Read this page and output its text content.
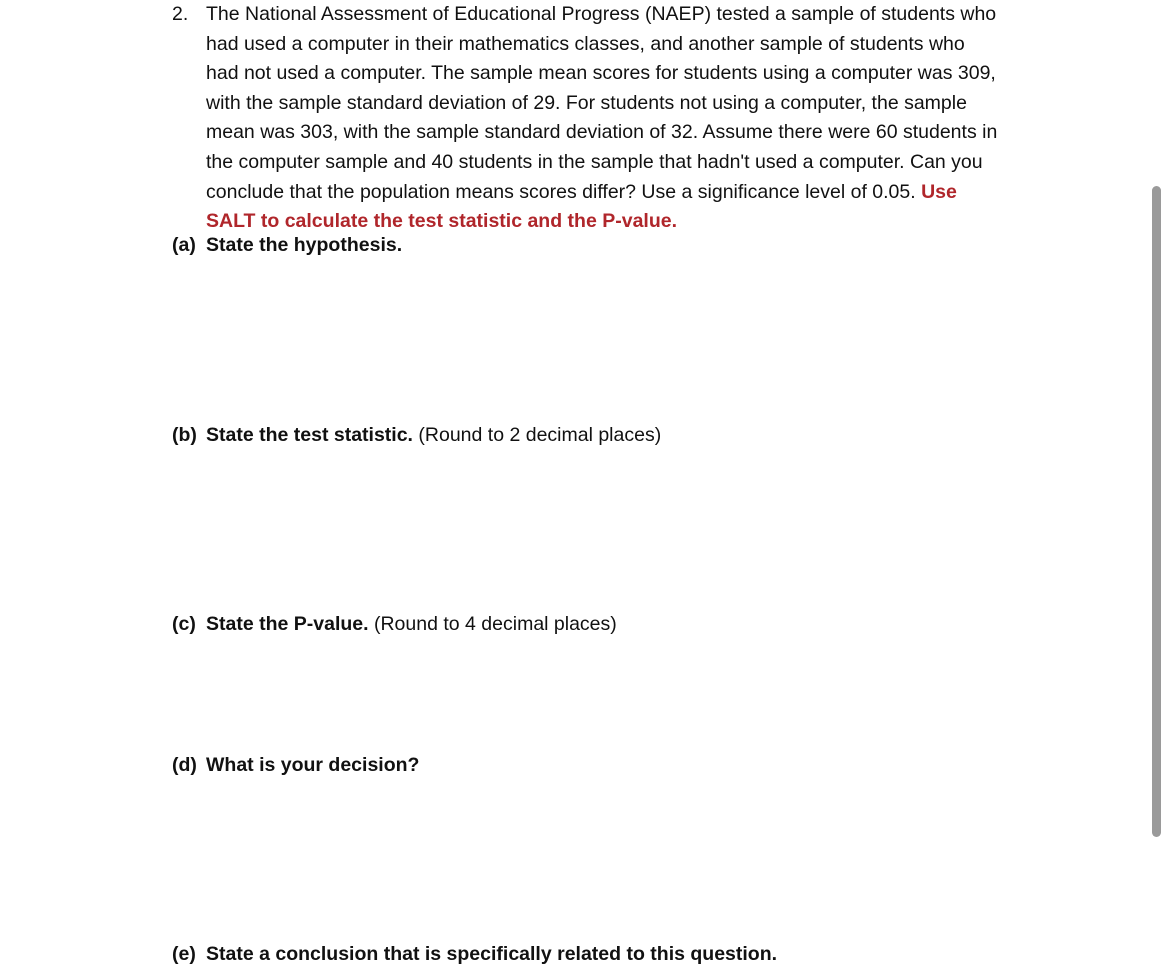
2. The National Assessment of Educational Progress (NAEP) tested a sample of students who
had used a computer in their mathematics classes, and another sample of students who
had not used a computer. The sample mean scores for students using a computer was 309,
with the sample standard deviation of 29. For students not using a computer, the sample
mean was 303, with the sample standard deviation of 32. Assume there were 60 students in
the computer sample and 40 students in the sample that hadn't used a computer. Can you
conclude that the population means scores differ? Use a significance level of 0.05. Use
SALT to calculate the test statistic and the P-value.
(a) State the hypothesis.
(b) State the test statistic. (Round to 2 decimal places)
(c) State the P-value. (Round to 4 decimal places)
(d) What is your decision?
(e) State a conclusion that is specifically related to this question.
